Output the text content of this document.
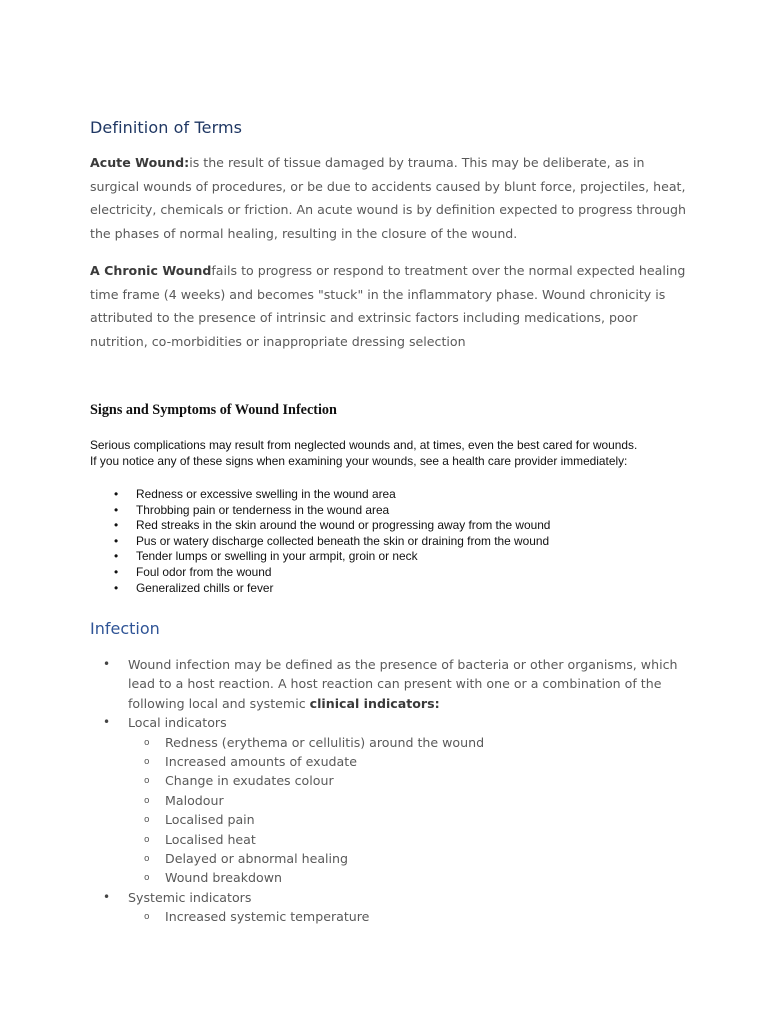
Definition of Terms

Acute Wound:is the result of tissue damaged by trauma. This may be deliberate, as in surgical wounds of procedures, or be due to accidents caused by blunt force, projectiles, heat, electricity, chemicals or friction. An acute wound is by definition expected to progress through the phases of normal healing, resulting in the closure of the wound.

A Chronic Woundfails to progress or respond to treatment over the normal expected healing time frame (4 weeks) and becomes "stuck" in the inflammatory phase. Wound chronicity is attributed to the presence of intrinsic and extrinsic factors including medications, poor nutrition, co-morbidities or inappropriate dressing selection

Signs and Symptoms of Wound Infection

Serious complications may result from neglected wounds and, at times, even the best cared for wounds.
If you notice any of these signs when examining your wounds, see a health care provider immediately:

• Redness or excessive swelling in the wound area
• Throbbing pain or tenderness in the wound area
• Red streaks in the skin around the wound or progressing away from the wound
• Pus or watery discharge collected beneath the skin or draining from the wound
• Tender lumps or swelling in your armpit, groin or neck
• Foul odor from the wound
• Generalized chills or fever
Infection
• Wound infection may be defined as the presence of bacteria or other organisms, which lead to a host reaction. A host reaction can present with one or a combination of the following local and systemic clinical indicators:
• Local indicators
o Redness (erythema or cellulitis) around the wound
o Increased amounts of exudate
o Change in exudates colour
o Malodour
o Localised pain
o Localised heat
o Delayed or abnormal healing
o Wound breakdown
• Systemic indicators
o Increased systemic temperature
